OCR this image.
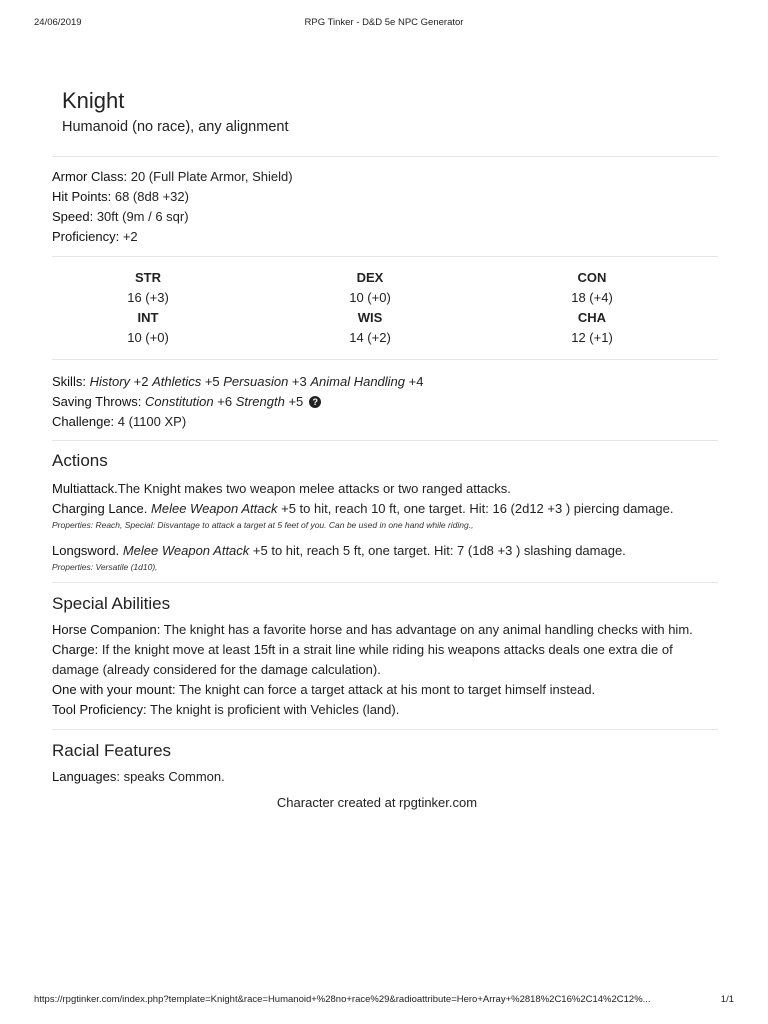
24/06/2019	RPG Tinker - D&D 5e NPC Generator
Knight
Humanoid (no race), any alignment
Armor Class: 20 (Full Plate Armor, Shield)
Hit Points: 68 (8d8 +32)
Speed: 30ft (9m / 6 sqr)
Proficiency: +2
STR
16 (+3)
DEX
10 (+0)
CON
18 (+4)
INT
10 (+0)
WIS
14 (+2)
CHA
12 (+1)
Skills: History +2 Athletics +5 Persuasion +3 Animal Handling +4
Saving Throws: Constitution +6 Strength +5 ?
Challenge: 4 (1100 XP)
Actions
Multiattack.The Knight makes two weapon melee attacks or two ranged attacks.
Charging Lance. Melee Weapon Attack +5 to hit, reach 10 ft, one target. Hit: 16 (2d12 +3 ) piercing damage.
Properties: Reach, Special: Disvantage to attack a target at 5 feet of you. Can be used in one hand while riding.,
Longsword. Melee Weapon Attack +5 to hit, reach 5 ft, one target. Hit: 7 (1d8 +3 ) slashing damage.
Properties: Versatile (1d10),
Special Abilities
Horse Companion: The knight has a favorite horse and has advantage on any animal handling checks with him.
Charge: If the knight move at least 15ft in a strait line while riding his weapons attacks deals one extra die of
damage (already considered for the damage calculation).
One with your mount: The knight can force a target attack at his mont to target himself instead.
Tool Proficiency: The knight is proficient with Vehicles (land).
Racial Features
Languages: speaks Common.
Character created at rpgtinker.com
https://rpgtinker.com/index.php?template=Knight&race=Humanoid+%28no+race%29&radioattribute=Hero+Array+%2818%2C16%2C14%2C12%...	1/1
